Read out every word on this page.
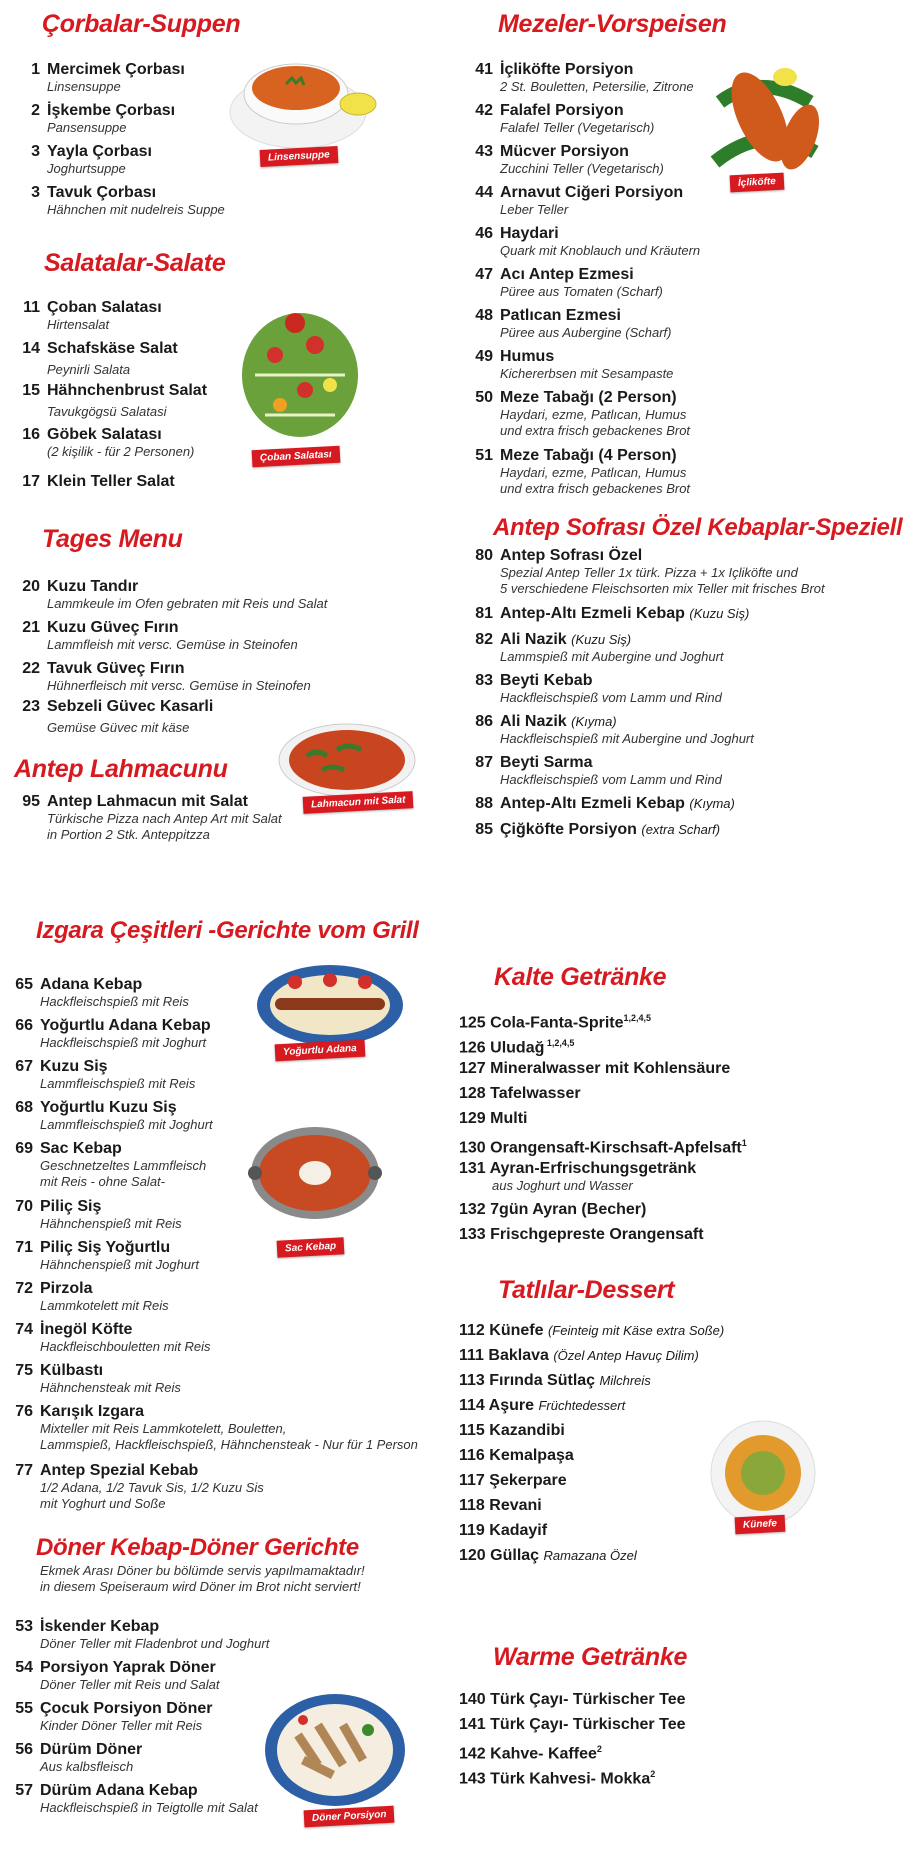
Çorbalar-Suppen
Salatalar-Salate
Tages Menu
Antep Lahmacunu
Mezeler-Vorspeisen
Antep Sofrası Özel Kebaplar-Speziell
Izgara Çeşitleri -Gerichte vom Grill
Döner Kebap-Döner Gerichte
Kalte Getränke
Tatlılar-Dessert
Warme Getränke
1 Mercimek Çorbası
Linsensuppe
2 İşkembe Çorbası
Pansensuppe
3 Yayla Çorbası
Joghurtsuppe
3 Tavuk Çorbası
Hähnchen mit nudelreis Suppe
11 Çoban Salatası
Hirtensalat
14 Schafskäse Salat
Peynirli Salata
15 Hähnchenbrust Salat
Tavukgögsü Salatasi
16 Göbek Salatası
(2 kişilik - für 2 Personen)
17 Klein Teller Salat
20 Kuzu Tandır
Lammkeule im Ofen gebraten mit Reis und Salat
21 Kuzu Güveç Fırın
Lammfleish mit versc. Gemüse in Steinofen
22 Tavuk Güveç Fırın
Hühnerfleisch mit versc. Gemüse in Steinofen
23 Sebzeli Güvec Kasarli
Gemüse Güvec mit käse
95 Antep Lahmacun mit Salat
Türkische Pizza nach Antep Art mit Salat
in Portion 2 Stk. Anteppitzza
41 İçliköfte Porsiyon
2 St. Bouletten, Petersilie, Zitrone
42 Falafel Porsiyon
Falafel Teller (Vegetarisch)
43 Mücver Porsiyon
Zucchini Teller (Vegetarisch)
44 Arnavut Ciğeri Porsiyon
Leber Teller
46 Haydari
Quark mit Knoblauch und Kräutern
47 Acı Antep Ezmesi
Püree aus Tomaten (Scharf)
48 Patlıcan Ezmesi
Püree aus Aubergine (Scharf)
49 Humus
Kichererbsen mit Sesampaste
50 Meze Tabağı (2 Person)
Haydari, ezme, Patlıcan, Humus
und extra frisch gebackenes Brot
51 Meze Tabağı (4 Person)
Haydari, ezme, Patlıcan, Humus
und extra frisch gebackenes Brot
80 Antep Sofrası Özel
Spezial Antep Teller 1x türk. Pizza + 1x Içliköfte und
5 verschiedene Fleischsorten mix Teller mit frisches Brot
81 Antep-Altı Ezmeli Kebap (Kuzu Siş)
82 Ali Nazik (Kuzu Siş)
Lammspieß mit Aubergine und Joghurt
83 Beyti Kebab
Hackfleischspieß vom Lamm und Rind
86 Ali Nazik (Kıyma)
Hackfleischspieß mit Aubergine und Joghurt
87 Beyti Sarma
Hackfleischspieß vom Lamm und Rind
88 Antep-Altı Ezmeli Kebap (Kıyma)
85 Çiğköfte Porsiyon (extra Scharf)
65 Adana Kebap
Hackfleischspieß mit Reis
66 Yoğurtlu Adana Kebap
Hackfleischspieß mit Joghurt
67 Kuzu Siş
Lammfleischspieß mit Reis
68 Yoğurtlu Kuzu Siş
Lammfleischspieß mit Joghurt
69 Sac Kebap
Geschnetzeltes Lammfleisch
mit Reis - ohne Salat-
70 Piliç Siş
Hähnchenspieß mit Reis
71 Piliç Siş Yoğurtlu
Hähnchenspieß mit Joghurt
72 Pirzola
Lammkotelett mit Reis
74 İnegöl Köfte
Hackfleischbouletten mit Reis
75 Külbastı
Hähnchensteak mit Reis
76 Karışık Izgara
Mixteller mit Reis Lammkotelett, Bouletten,
Lammspieß, Hackfleischspieß, Hähnchensteak - Nur für 1 Person
77 Antep Spezial Kebab
1/2 Adana, 1/2 Tavuk Sis, 1/2 Kuzu Sis
mit Yoghurt und Soße
Ekmek Arası Döner bu bölümde servis yapılmamaktadır!
in diesem Speiseraum wird Döner im Brot nicht serviert!
53 İskender Kebap
Döner Teller mit Fladenbrot und Joghurt
54 Porsiyon Yaprak Döner
Döner Teller mit Reis und Salat
55 Çocuk Porsiyon Döner
Kinder Döner Teller mit Reis
56 Dürüm Döner
Aus kalbsfleisch
57 Dürüm Adana Kebap
Hackfleischspieß in Teigtolle mit Salat
125 Cola-Fanta-Sprite$^{1,2,4,5}$
126 Uludağ $^{1,2,4,5}$
127 Mineralwasser mit Kohlensäure
128 Tafelwasser
129 Multi
130 Orangensaft-Kirschsaft-Apfelsaft$^1$
131 Ayran-Erfrischungsgetränk
aus Joghurt und Wasser
132 7gün Ayran (Becher)
133 Frischgepreste Orangensaft
112 Künefe (Feinteig mit Käse extra Soße)
111 Baklava (Özel Antep Havuç Dilim)
113 Fırında Sütlaç Milchreis
114 Aşure Früchtedessert
115 Kazandibi
116 Kemalpaşa
117 Şekerpare
118 Revani
119 Kadayif
120 Güllaç Ramazana Özel
140 Türk Çayı- Türkischer Tee
141 Türk Çayı- Türkischer Tee
142 Kahve- Kaffee$^2$
143 Türk Kahvesi- Mokka$^2$
Linsensuppe
Çoban Salatası
Lahmacun mit Salat
İçliköfte
Yoğurtlu Adana
Sac Kebap
Künefe
Döner Porsiyon
